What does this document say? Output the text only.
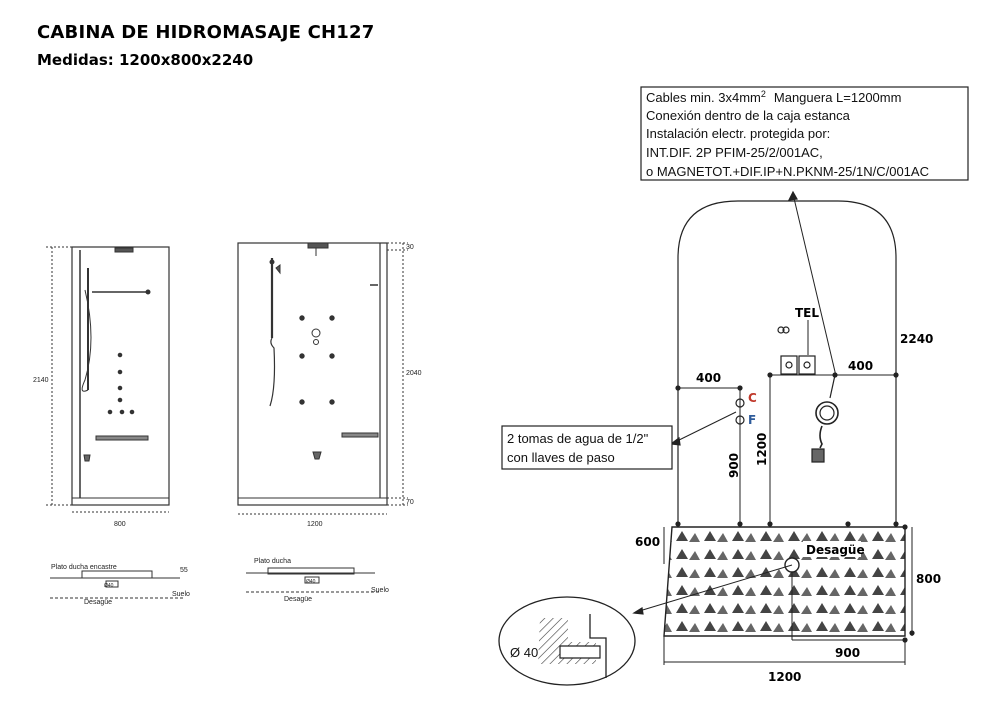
CABINA DE HIDROMASAJE CH127
Medidas: 1200x800x2240
2140
800
Plato ducha encastre	55
Suelo
Ø40
Desagüe
30
2040
70
1200
Plato ducha
Suelo
Ø40
Desagüe
Cables min. $3x4mm^2$ Manguera L=1200mm
Conexión dentro de la caja estanca
Instalación electr. protegida por:
INT.DIF. 2P PFIM-25/2/001AC,
o MAGNETOT.+DIF.IP+N.PKNM-25/1N/C/001AC
2 tomas de agua de 1/2"
con llaves de paso
2240
TEL
C
F
400
400
900 1200
Desagüe
600
800
900
1200
Ø 40
